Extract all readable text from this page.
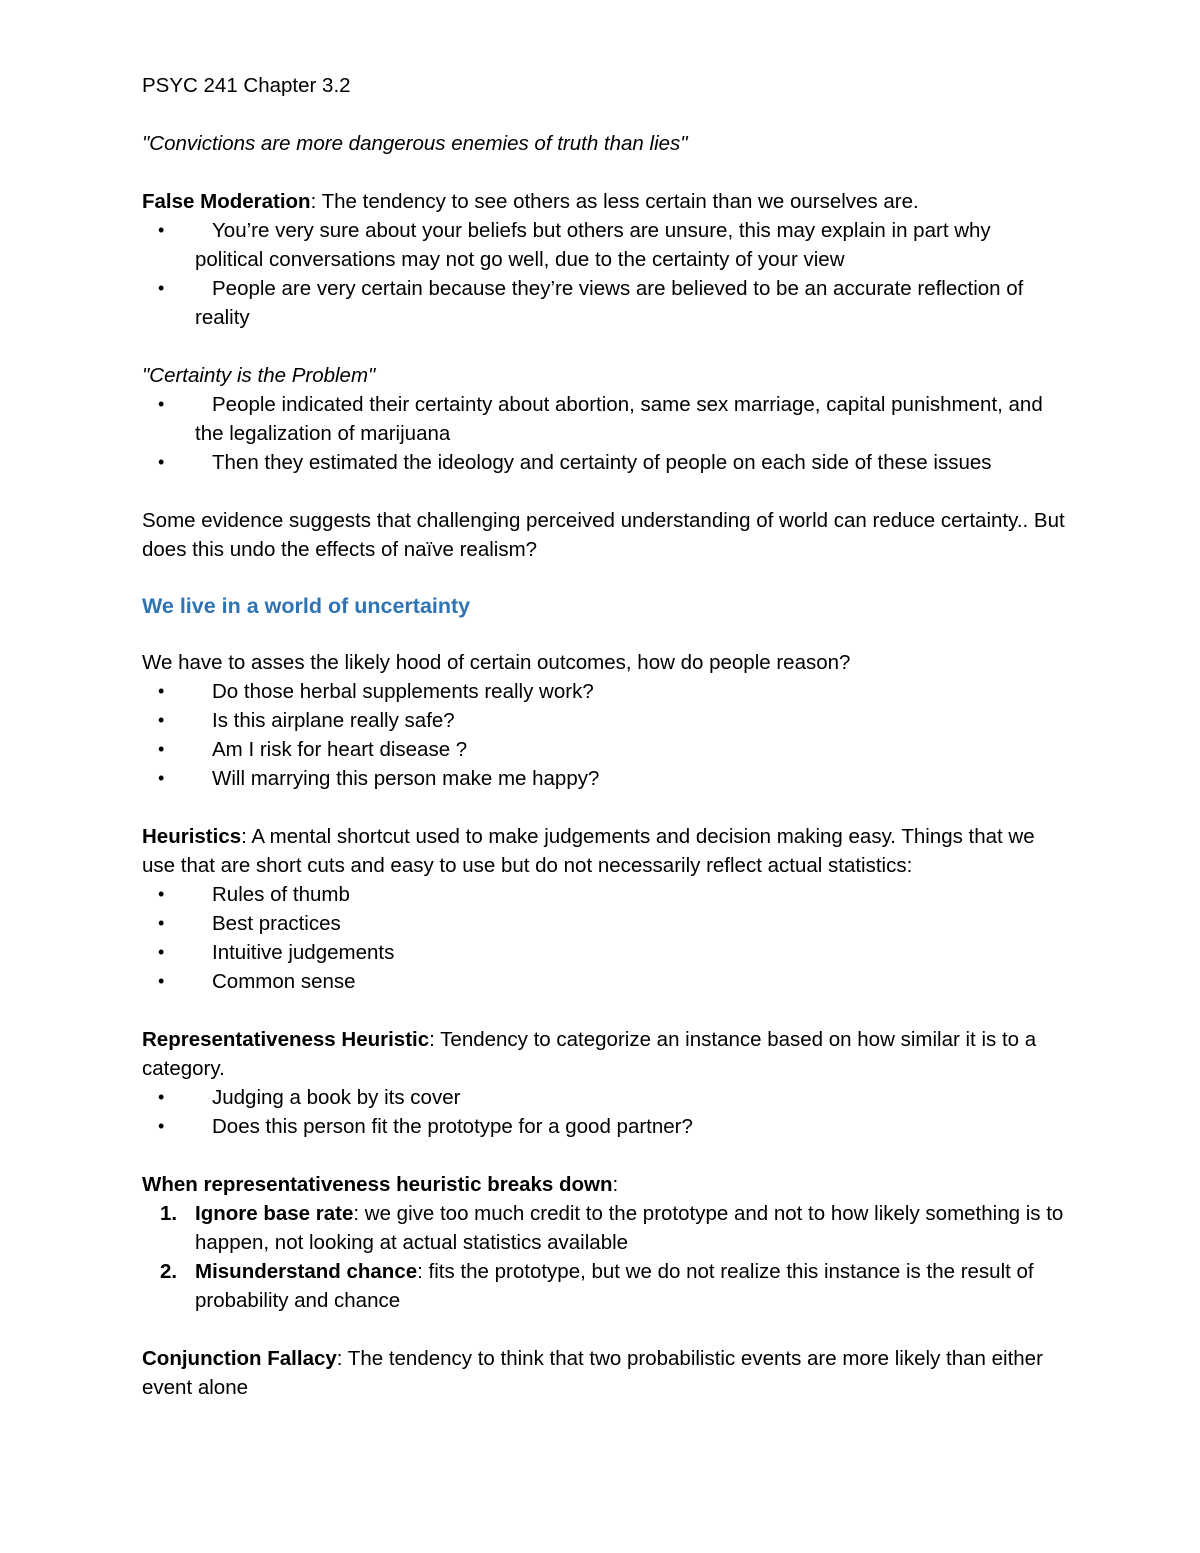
PSYC 241 Chapter 3.2

"Convictions are more dangerous enemies of truth than lies"

False Moderation: The tendency to see others as less certain than we ourselves are.

•	You’re very sure about your beliefs but others are unsure, this may explain in part why political conversations may not go well, due to the certainty of your view
•	People are very certain because they’re views are believed to be an accurate reflection of reality

"Certainty is the Problem"

•	People indicated their certainty about abortion, same sex marriage, capital punishment, and the legalization of marijuana
•	Then they estimated the ideology and certainty of people on each side of these issues

Some evidence suggests that challenging perceived understanding of world can reduce certainty.. But does this undo the effects of naïve realism?

We live in a world of uncertainty

We have to asses the likely hood of certain outcomes, how do people reason?

•	Do those herbal supplements really work?
•	Is this airplane really safe?
•	Am I risk for heart disease ?
•	Will marrying this person make me happy?

Heuristics: A mental shortcut used to make judgements and decision making easy. Things that we use that are short cuts and easy to use but do not necessarily reflect actual statistics:

•	Rules of thumb
•	Best practices
•	Intuitive judgements
•	Common sense

Representativeness Heuristic: Tendency to categorize an instance based on how similar it is to a category.

•	Judging a book by its cover
•	Does this person fit the prototype for a good partner?

When representativeness heuristic breaks down:

1. Ignore base rate: we give too much credit to the prototype and not to how likely something is to happen, not looking at actual statistics available
2. Misunderstand chance: fits the prototype, but we do not realize this instance is the result of probability and chance

Conjunction Fallacy: The tendency to think that two probabilistic events are more likely than either event alone
